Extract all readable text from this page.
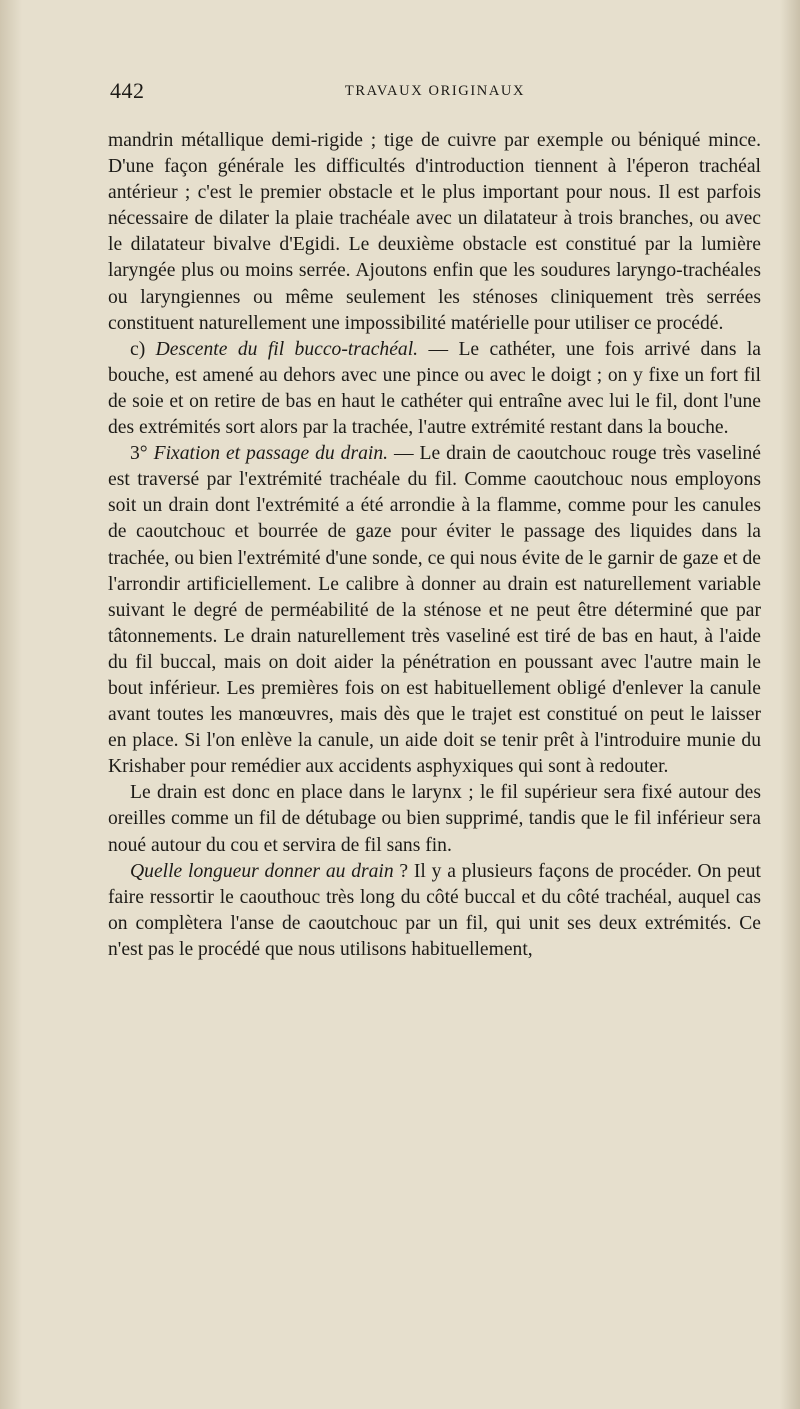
442	TRAVAUX ORIGINAUX

mandrin métallique demi-rigide ; tige de cuivre par exemple ou béniqué mince. D'une façon générale les difficultés d'introduction tiennent à l'éperon trachéal antérieur ; c'est le premier obstacle et le plus important pour nous. Il est parfois nécessaire de dilater la plaie trachéale avec un dilatateur à trois branches, ou avec le dilatateur bivalve d'Egidi. Le deuxième obstacle est constitué par la lumière laryngée plus ou moins serrée. Ajoutons enfin que les soudures laryngo-trachéales ou laryngiennes ou même seulement les sténoses cliniquement très serrées constituent naturellement une impossibilité matérielle pour utiliser ce procédé.

c) Descente du fil bucco-trachéal. — Le cathéter, une fois arrivé dans la bouche, est amené au dehors avec une pince ou avec le doigt ; on y fixe un fort fil de soie et on retire de bas en haut le cathéter qui entraîne avec lui le fil, dont l'une des extrémités sort alors par la trachée, l'autre extrémité restant dans la bouche.

3° Fixation et passage du drain. — Le drain de caoutchouc rouge très vaseliné est traversé par l'extrémité trachéale du fil. Comme caoutchouc nous employons soit un drain dont l'extrémité a été arrondie à la flamme, comme pour les canules de caoutchouc et bourrée de gaze pour éviter le passage des liquides dans la trachée, ou bien l'extrémité d'une sonde, ce qui nous évite de le garnir de gaze et de l'arrondir artificiellement. Le calibre à donner au drain est naturellement variable suivant le degré de perméabilité de la sténose et ne peut être déterminé que par tâtonnements. Le drain naturellement très vaseliné est tiré de bas en haut, à l'aide du fil buccal, mais on doit aider la pénétration en poussant avec l'autre main le bout inférieur. Les premières fois on est habituellement obligé d'enlever la canule avant toutes les manœuvres, mais dès que le trajet est constitué on peut le laisser en place. Si l'on enlève la canule, un aide doit se tenir prêt à l'introduire munie du Krishaber pour remédier aux accidents asphyxiques qui sont à redouter.

Le drain est donc en place dans le larynx ; le fil supérieur sera fixé autour des oreilles comme un fil de détubage ou bien supprimé, tandis que le fil inférieur sera noué autour du cou et servira de fil sans fin.

Quelle longueur donner au drain ? Il y a plusieurs façons de procéder. On peut faire ressortir le caouthouc très long du côté buccal et du côté trachéal, auquel cas on complètera l'anse de caoutchouc par un fil, qui unit ses deux extrémités. Ce n'est pas le procédé que nous utilisons habituellement,
